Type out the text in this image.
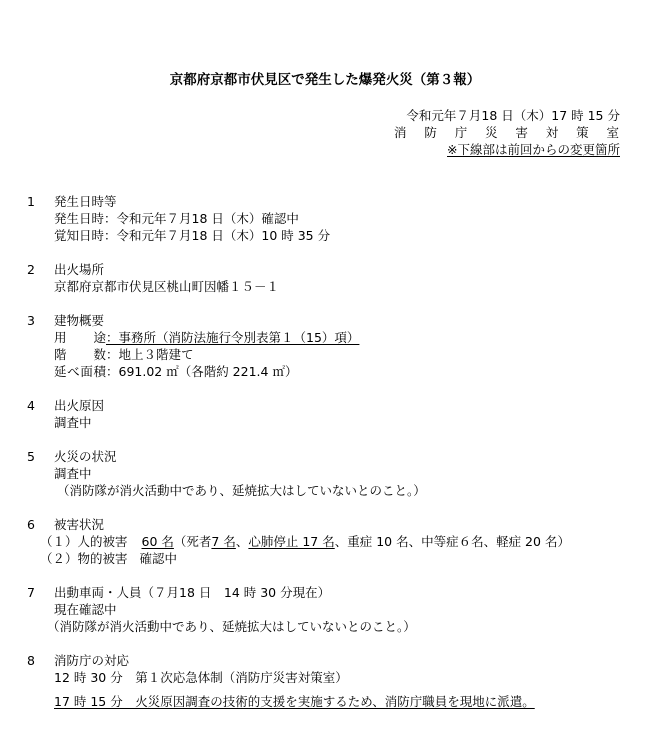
京都府京都市伏見区で発生した爆発火災（第３報）
令和元年７月18 日（木）17 時 15 分
消防庁災害対策室
※下線部は前回からの変更箇所
1 発生日時等
発生日時：令和元年７月18 日（木）確認中
覚知日時：令和元年７月18 日（木）10 時 35 分
2 出火場所
京都府京都市伏見区桃山町因幡１５－１
3 建物概要
用途：事務所（消防法施行令別表第１（15）項）
階数：地上３階建て
延べ面積：691.02 ㎡（各階約 221.4 ㎡）
4 出火原因
調査中
5 火災の状況
調査中
（消防隊が消火活動中であり、延焼拡大はしていないとのこと。）
6 被害状況
（１）人的被害 60 名（死者7 名、心肺停止 17 名、重症 10 名、中等症６名、軽症 20 名）
（２）物的被害 確認中
7 出動車両・人員（７月18 日　14 時 30 分現在）
現在確認中
（消防隊が消火活動中であり、延焼拡大はしていないとのこと。）
8 消防庁の対応
12 時 30 分　第１次応急体制（消防庁災害対策室）
17 時 15 分　火災原因調査の技術的支援を実施するため、消防庁職員を現地に派遣。
